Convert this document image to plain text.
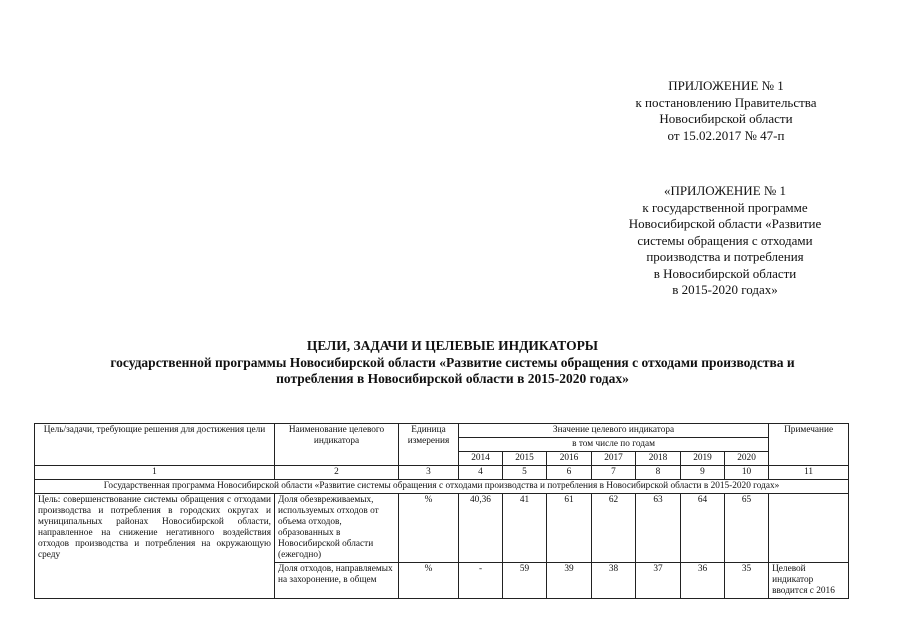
ПРИЛОЖЕНИЕ № 1
к постановлению Правительства
Новосибирской области
от 15.02.2017 № 47-п
«ПРИЛОЖЕНИЕ № 1
к государственной программе
Новосибирской области «Развитие
системы обращения с отходами
производства и потребления
в Новосибирской области
в 2015-2020 годах»
ЦЕЛИ, ЗАДАЧИ И ЦЕЛЕВЫЕ ИНДИКАТОРЫ
государственной программы Новосибирской области «Развитие системы обращения с отходами производства и
потребления в Новосибирской области в 2015-2020 годах»
Цель/задачи, требующие решения для достижения цели	Наименование целевого индикатора	Единица измерения	Значение целевого индикатора							Примечание
			в том числе по годам							
			2014	2015	2016	2017	2018	2019	2020	
1	2	3	4	5	6	7	8	9	10	11
Государственная программа Новосибирской области «Развитие системы обращения с отходами производства и потребления в Новосибирской области в 2015-2020 годах»										
Цель: совершенствование системы обращения с отходами производства и потребления в городских округах и муниципальных районах Новосибирской области, направленное на снижение негативного воздействия отходов производства и потребления на окружающую среду	Доля обезвреживаемых, используемых отходов от объема отходов, образованных в Новосибирской области (ежегодно)	%	40,36	41	61	62	63	64	65	
	Доля отходов, направляемых на захоронение, в общем	%	-	59	39	38	37	36	35	Целевой индикатор вводится с 2016
